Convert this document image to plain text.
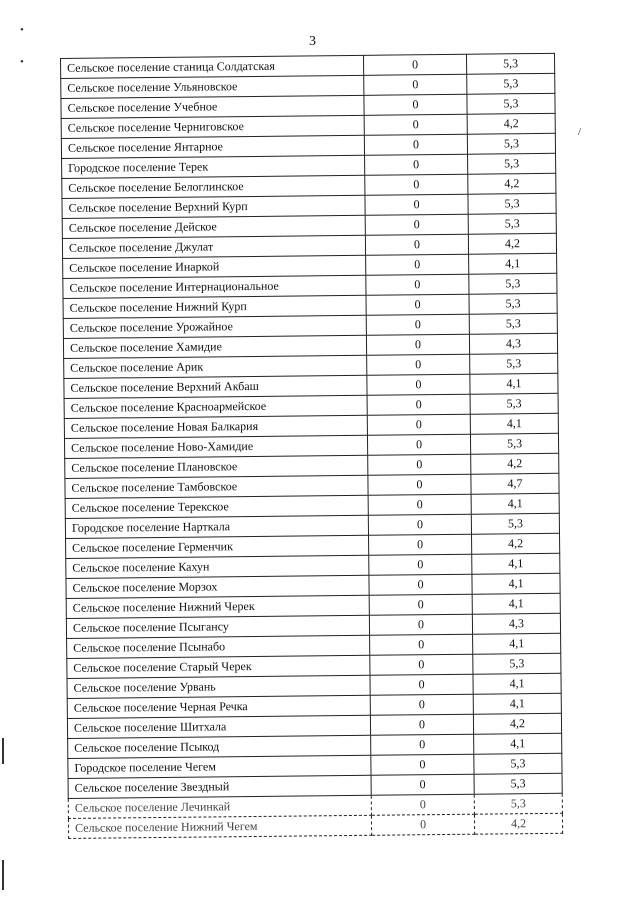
3
•
•
/
Сельское поселение станица Солдатская	0	5,3
Сельское поселение Ульяновское	0	5,3
Сельское поселение Учебное	0	5,3
Сельское поселение Черниговское	0	4,2
Сельское поселение Янтарное	0	5,3
Городское поселение Терек	0	5,3
Сельское поселение Белоглинское	0	4,2
Сельское поселение Верхний Курп	0	5,3
Сельское поселение Дейское	0	5,3
Сельское поселение Джулат	0	4,2
Сельское поселение Инаркой	0	4,1
Сельское поселение Интернациональное	0	5,3
Сельское поселение Нижний Курп	0	5,3
Сельское поселение Урожайное	0	5,3
Сельское поселение Хамидие	0	4,3
Сельское поселение Арик	0	5,3
Сельское поселение Верхний Акбаш	0	4,1
Сельское поселение Красноармейское	0	5,3
Сельское поселение Новая Балкария	0	4,1
Сельское поселение Ново-Хамидие	0	5,3
Сельское поселение Плановское	0	4,2
Сельское поселение Тамбовское	0	4,7
Сельское поселение Терекское	0	4,1
Городское поселение Нарткала	0	5,3
Сельское поселение Герменчик	0	4,2
Сельское поселение Кахун	0	4,1
Сельское поселение Морзох	0	4,1
Сельское поселение Нижний Черек	0	4,1
Сельское поселение Псыгансу	0	4,3
Сельское поселение Псынабо	0	4,1
Сельское поселение Старый Черек	0	5,3
Сельское поселение Урвань	0	4,1
Сельское поселение Черная Речка	0	4,1
Сельское поселение Шитхала	0	4,2
Сельское поселение Псыкод	0	4,1
Городское поселение Чегем	0	5,3
Сельское поселение Звездный	0	5,3
Сельское поселение Лечинкай	0	5,3
Сельское поселение Нижний Чегем	0	4,2
